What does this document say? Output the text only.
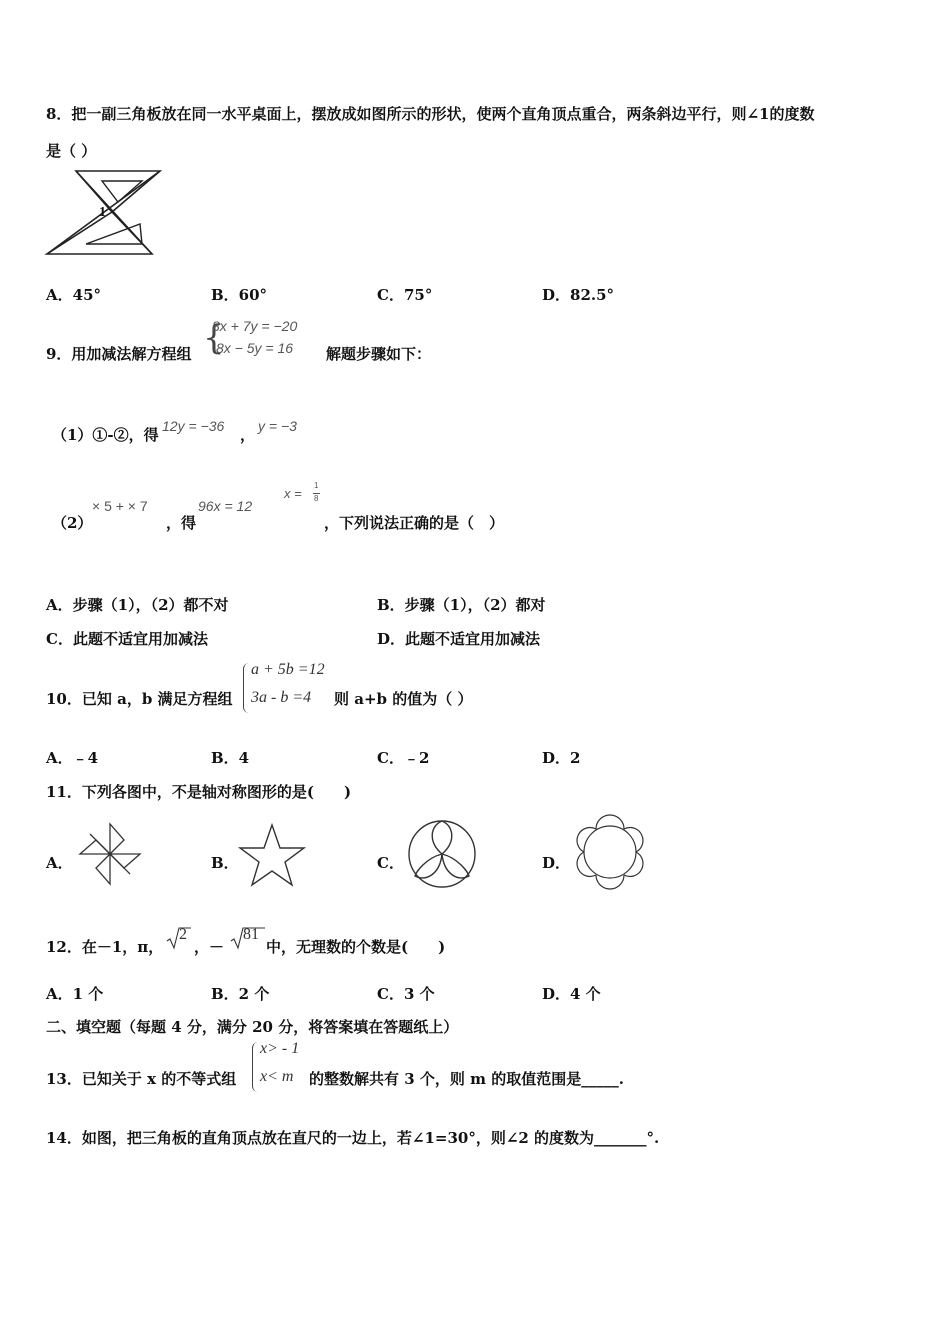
8．把一副三角板放在同一水平桌面上，摆放成如图所示的形状，使两个直角顶点重合，两条斜边平行，则∠1的度数
是（ ）
1
A．45°	B．60°	C．75°	D．82.5°
9．用加减法解方程组 {
8x + 7y = −20
8x − 5y = 16 解题步骤如下：
（1）①-②，得 12y = −36 ， y = −3
（2）
× 5 + × 7
，得
96x = 12
x =
1
8
，下列说法正确的是（　）
A．步骤（1），（2）都不对	B．步骤（1），（2）都对
C．此题不适宜用加减法	D．此题不适宜用加减法
10．已知 a，b 满足方程组
a + 5b =12
3a - b =4 则 a+b 的值为（ ）
A．﹣4	B．4	C．﹣2	D．2
11．下列各图中，不是轴对称图形的是(　　)
A．	B．	C．	D．
12．在－1，π，
2
，－
81
中，无理数的个数是(　　)
A．1 个	B．2 个	C．3 个	D．4 个
二、填空题（每题 4 分，满分 20 分，将答案填在答题纸上）
13．已知关于 x 的不等式组
x> - 1
x< m 的整数解共有 3 个，则 m 的取值范围是_____.
14．如图，把三角板的直角顶点放在直尺的一边上，若∠1=30°，则∠2 的度数为_______°.
